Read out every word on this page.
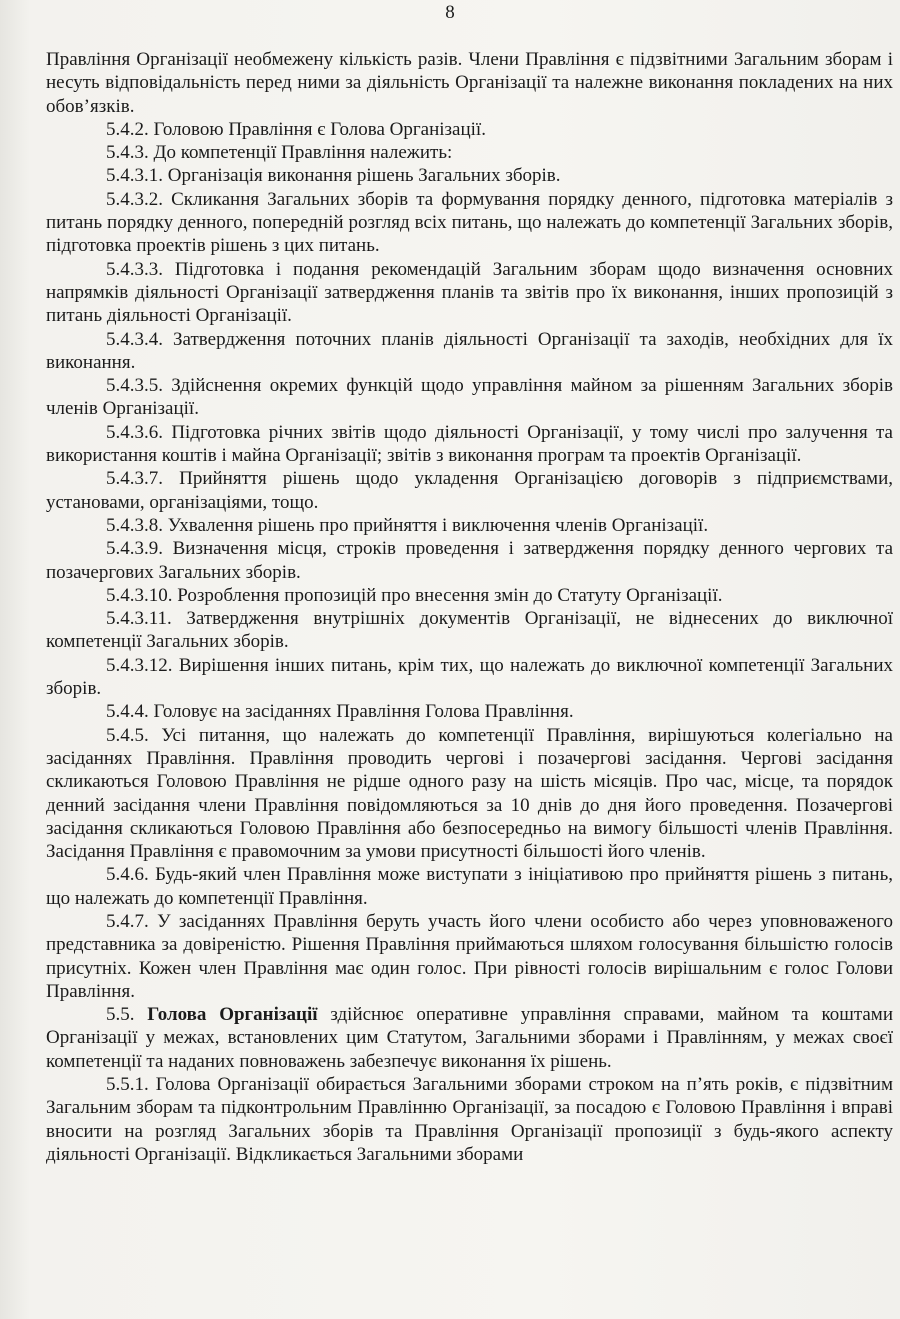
8

Правління Організації необмежену кількість разів. Члени Правління є підзвітними Загальним зборам і несуть відповідальність перед ними за діяльність Організації та належне виконання покладених на них обов’язків.

5.4.2. Головою Правління є Голова Організації.

5.4.3. До компетенції Правління належить:

5.4.3.1. Організація виконання рішень Загальних зборів.

5.4.3.2. Скликання Загальних зборів та формування порядку денного, підготовка матеріалів з питань порядку денного, попередній розгляд всіх питань, що належать до компетенції Загальних зборів, підготовка проектів рішень з цих питань.

5.4.3.3. Підготовка і подання рекомендацій Загальним зборам щодо визначення основних напрямків діяльності Організації затвердження планів та звітів про їх виконання, інших пропозицій з питань діяльності Організації.

5.4.3.4. Затвердження поточних планів діяльності Організації та заходів, необхідних для їх виконання.

5.4.3.5. Здійснення окремих функцій щодо управління майном за рішенням Загальних зборів членів Організації.

5.4.3.6. Підготовка річних звітів щодо діяльності Організації, у тому числі про залучення та використання коштів і майна Організації; звітів з виконання програм та проектів Організації.

5.4.3.7. Прийняття рішень щодо укладення Організацією договорів з підприємствами, установами, організаціями, тощо.

5.4.3.8. Ухвалення рішень про прийняття і виключення членів Організації.

5.4.3.9. Визначення місця, строків проведення і затвердження порядку денного чергових та позачергових Загальних зборів.

5.4.3.10. Розроблення пропозицій про внесення змін до Статуту Організації.

5.4.3.11. Затвердження внутрішніх документів Організації, не віднесених до виключної компетенції Загальних зборів.

5.4.3.12. Вирішення інших питань, крім тих, що належать до виключної компетенції Загальних зборів.

5.4.4. Головує на засіданнях Правління Голова Правління.

5.4.5. Усі питання, що належать до компетенції Правління, вирішуються колегіально на засіданнях Правління. Правління проводить чергові і позачергові засідання. Чергові засідання скликаються Головою Правління не рідше одного разу на шість місяців. Про час, місце, та порядок денний засідання члени Правління повідомляються за 10 днів до дня його проведення. Позачергові засідання скликаються Головою Правління або безпосередньо на вимогу більшості членів Правління. Засідання Правління є правомочним за умови присутності більшості його членів.

5.4.6. Будь-який член Правління може виступати з ініціативою про прийняття рішень з питань, що належать до компетенції Правління.

5.4.7. У засіданнях Правління беруть участь його члени особисто або через уповноваженого представника за довіреністю. Рішення Правління приймаються шляхом голосування більшістю голосів присутніх. Кожен член Правління має один голос. При рівності голосів вирішальним є голос Голови Правління.

5.5. Голова Організації здійснює оперативне управління справами, майном та коштами Організації у межах, встановлених цим Статутом, Загальними зборами і Правлінням, у межах своєї компетенції та наданих повноважень забезпечує виконання їх рішень.

5.5.1. Голова Організації обирається Загальними зборами строком на п’ять років, є підзвітним Загальним зборам та підконтрольним Правлінню Організації, за посадою є Головою Правління і вправі вносити на розгляд Загальних зборів та Правління Організації пропозиції з будь-якого аспекту діяльності Організації. Відкликається Загальними зборами
